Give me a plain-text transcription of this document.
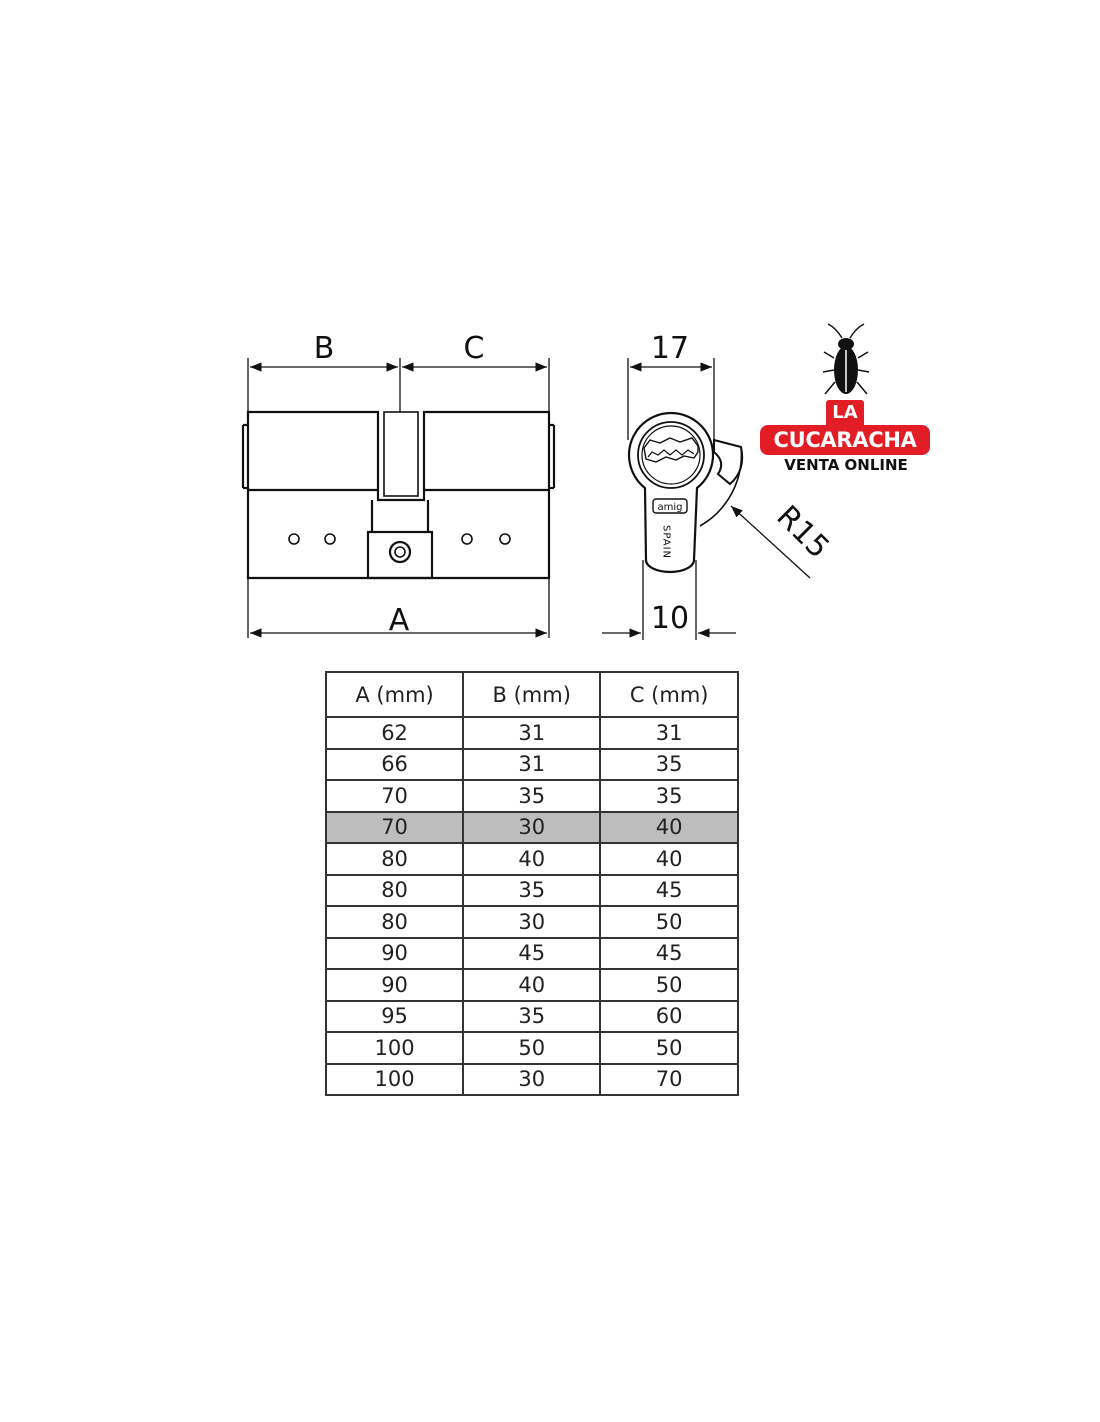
B	C
A
amig
SPAIN
17
10
R15
LA
CUCARACHA
VENTA ONLINE
A (mm)	B (mm)	C (mm)
62	31	31
66	31	35
70	35	35
70	30	40
80	40	40
80	35	45
80	30	50
90	45	45
90	40	50
95	35	60
100	50	50
100	30	70
